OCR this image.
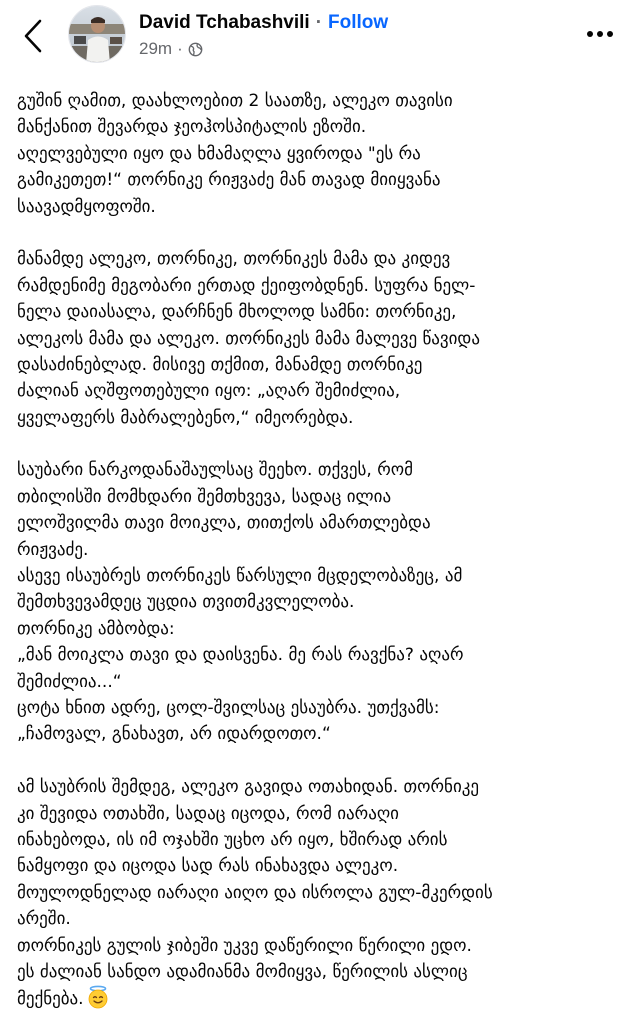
David Tchabashvili · Follow
29m ·
გუშინ ღამით, დაახლოებით 2 საათზე, ალეკო თავისი
მანქანით შევარდა ჯეოჰოსპიტალის ეზოში.
აღელვებული იყო და ხმამაღლა ყვიროდა "ეს რა
გამიკეთეთ!“ თორნიკე რიჟვაძე მან თავად მიიყვანა
საავადმყოფოში.
მანამდე ალეკო, თორნიკე, თორნიკეს მამა და კიდევ
რამდენიმე მეგობარი ერთად ქეიფობდნენ. სუფრა ნელ-
ნელა დაიასალა, დარჩნენ მხოლოდ სამნი: თორნიკე,
ალეკოს მამა და ალეკო. თორნიკეს მამა მალევე წავიდა
დასაძინებლად. მისივე თქმით, მანამდე თორნიკე
ძალიან აღშფოთებული იყო: „აღარ შემიძლია,
ყველაფერს მაბრალებენო,“ იმეორებდა.
საუბარი ნარკოდანაშაულსაც შეეხო. თქვეს, რომ
თბილისში მომხდარი შემთხვევა, სადაც ილია
ელოშვილმა თავი მოიკლა, თითქოს ამართლებდა
რიჟვაძე.
ასევე ისაუბრეს თორნიკეს წარსული მცდელობაზეც, ამ
შემთხვევამდეც უცდია თვითმკვლელობა.
თორნიკე ამბობდა:
„მან მოიკლა თავი და დაისვენა. მე რას რავქნა? აღარ
შემიძლია...“
ცოტა ხნით ადრე, ცოლ-შვილსაც ესაუბრა. უთქვამს:
„ჩამოვალ, გნახავთ, არ იდარდოთო.“
ამ საუბრის შემდეგ, ალეკო გავიდა ოთახიდან. თორნიკე
კი შევიდა ოთახში, სადაც იცოდა, რომ იარაღი
ინახებოდა, ის იმ ოჯახში უცხო არ იყო, ხშირად არის
ნამყოფი და იცოდა სად რას ინახავდა ალეკო.
მოულოდნელად იარაღი აიღო და ისროლა გულ-მკერდის
არეში.
თორნიკეს გულის ჯიბეში უკვე დაწერილი წერილი ედო.
ეს ძალიან სანდო ადამიანმა მომიყვა, წერილის ასლიც
მექნება.
